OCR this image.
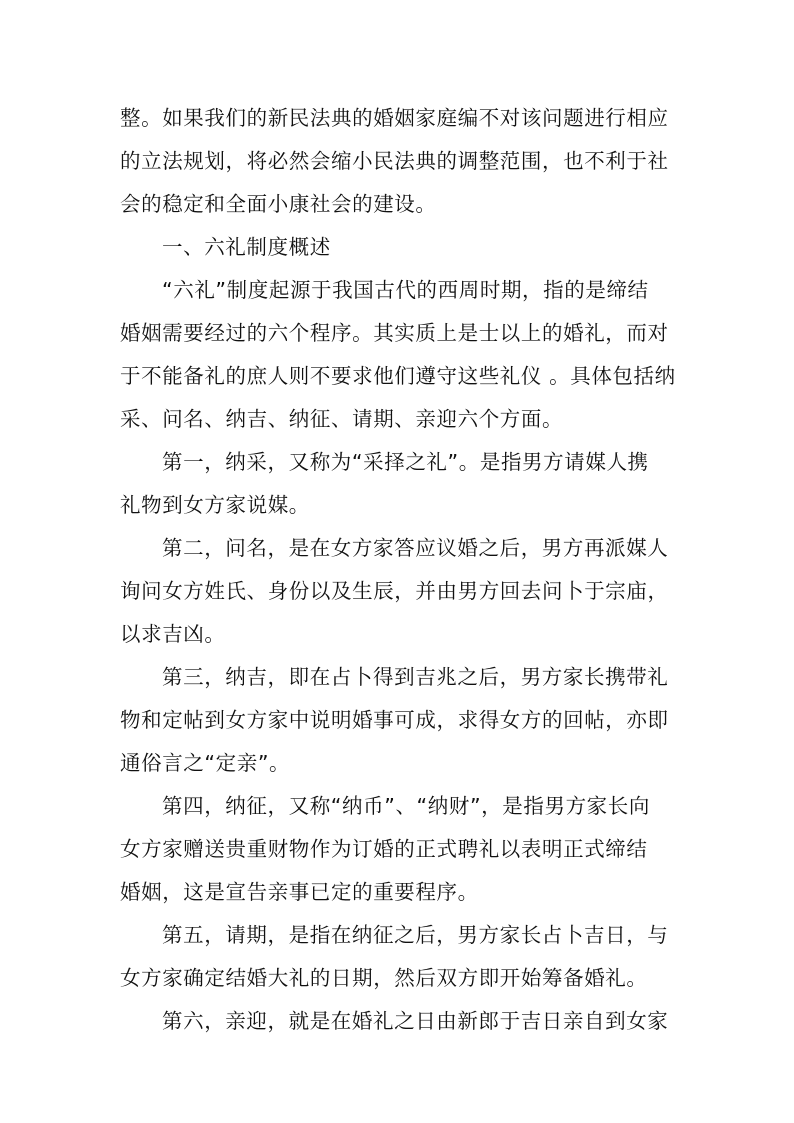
整。如果我们的新民法典的婚姻家庭编不对该问题进行相应
的立法规划，将必然会缩小民法典的调整范围，也不利于社
会的稳定和全面小康社会的建设。
一、六礼制度概述
“六礼”制度起源于我国古代的西周时期，指的是缔结
婚姻需要经过的六个程序。其实质上是士以上的婚礼，而对
于不能备礼的庶人则不要求他们遵守这些礼仪 。具体包括纳
采、问名、纳吉、纳征、请期、亲迎六个方面。
第一，纳采，又称为“采择之礼”。是指男方请媒人携
礼物到女方家说媒。
第二，问名，是在女方家答应议婚之后，男方再派媒人
询问女方姓氏、身份以及生辰，并由男方回去问卜于宗庙，
以求吉凶。
第三，纳吉，即在占卜得到吉兆之后，男方家长携带礼
物和定帖到女方家中说明婚事可成，求得女方的回帖，亦即
通俗言之“定亲”。
第四，纳征，又称“纳币”、“纳财”，是指男方家长向
女方家赠送贵重财物作为订婚的正式聘礼以表明正式缔结
婚姻，这是宣告亲事已定的重要程序。
第五，请期，是指在纳征之后，男方家长占卜吉日，与
女方家确定结婚大礼的日期，然后双方即开始筹备婚礼。
第六，亲迎，就是在婚礼之日由新郎于吉日亲自到女家
